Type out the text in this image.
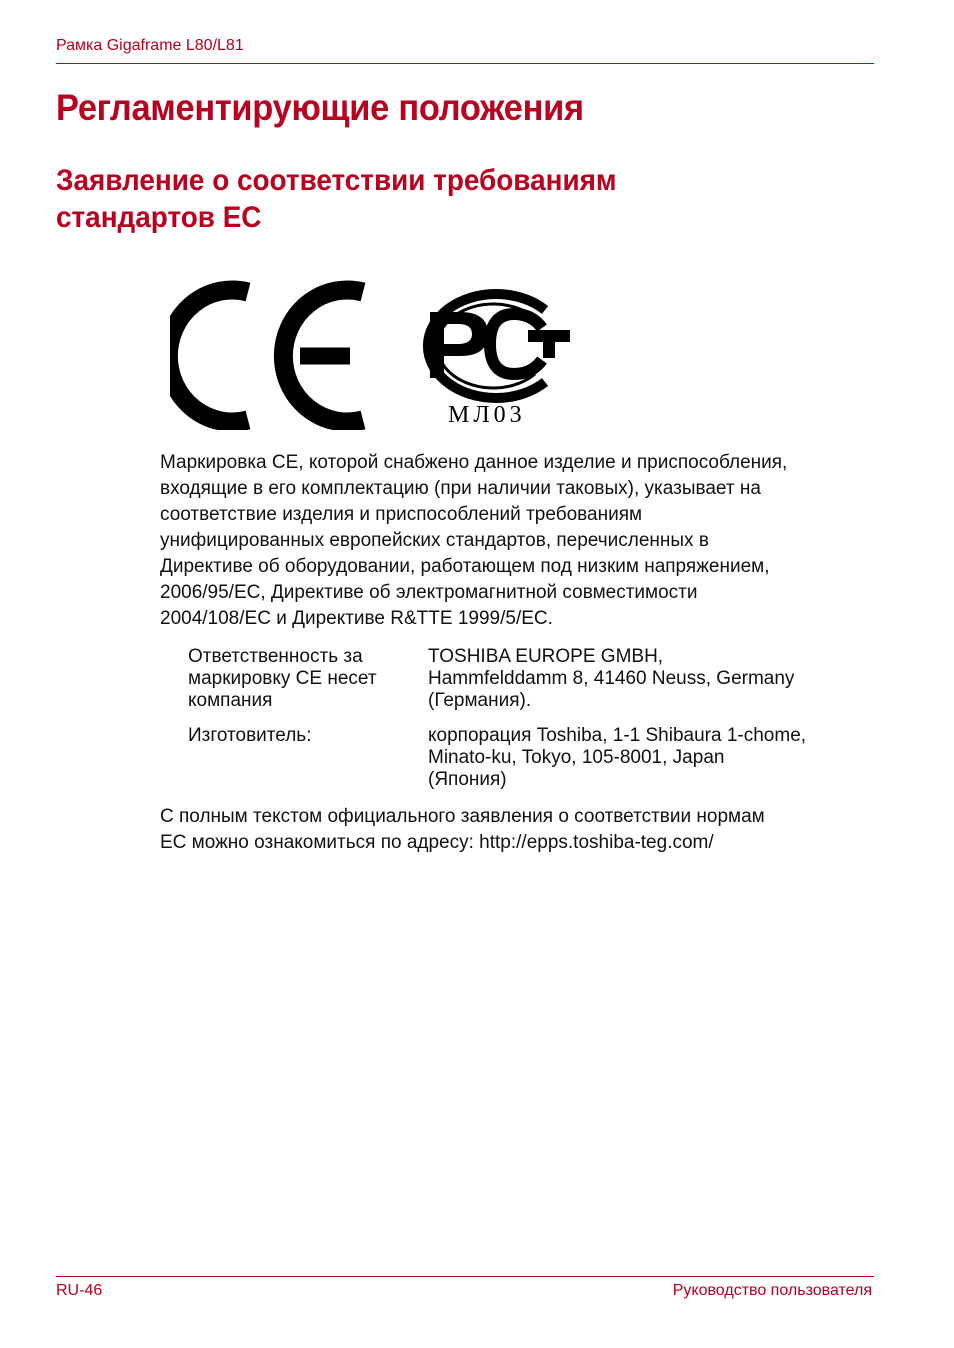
Рамка Gigaframe L80/L81
Регламентирующие положения
Заявление о соответствии требованиям
стандартов ЕС
МЛ03
Маркировка CE, которой снабжено данное изделие и приспособления,
входящие в его комплектацию (при наличии таковых), указывает на
соответствие изделия и приспособлений требованиям
унифицированных европейских стандартов, перечисленных в
Директиве об оборудовании, работающем под низким напряжением,
2006/95/EC, Директиве об электромагнитной совместимости
2004/108/EC и Директиве R&TTE 1999/5/EC.
Ответственность за
маркировку CE несет
компания
TOSHIBA EUROPE GMBH,
Hammfelddamm 8, 41460 Neuss, Germany
(Германия).
Изготовитель:	корпорация Toshiba, 1-1 Shibaura 1-chome,
Minato-ku, Tokyo, 105-8001, Japan
(Япония)
С полным текстом официального заявления о соответствии нормам
ЕС можно ознакомиться по адресу: http://epps.toshiba-teg.com/
RU-46	Руководство пользователя
